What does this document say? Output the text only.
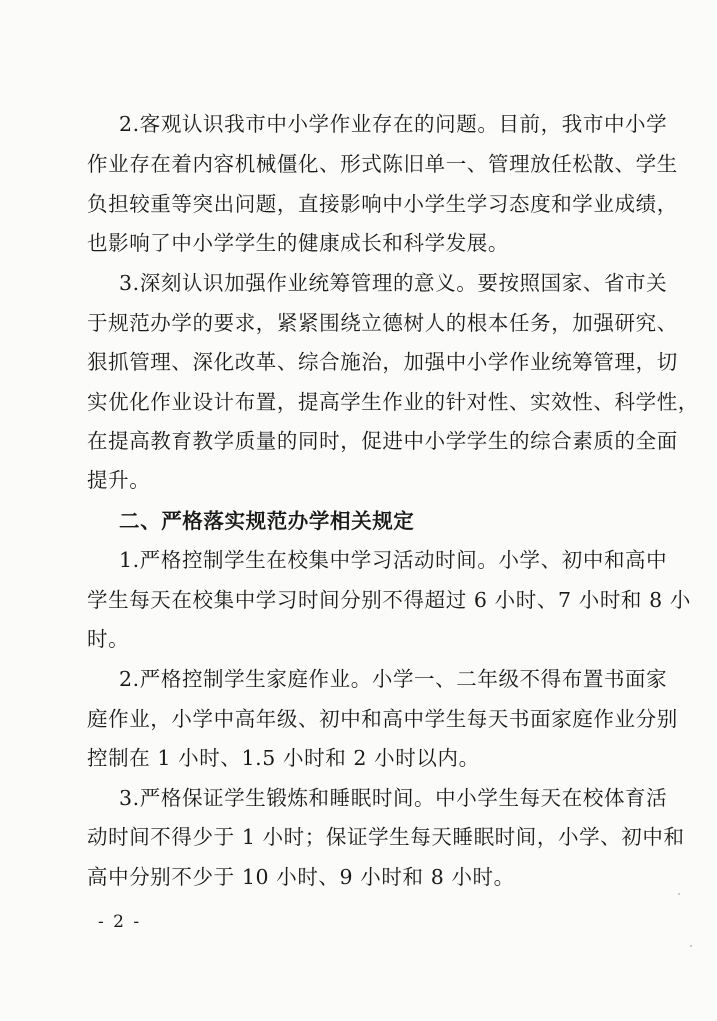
2.客观认识我市中小学作业存在的问题。目前，我市中小学

作业存在着内容机械僵化、形式陈旧单一、管理放任松散、学生

负担较重等突出问题，直接影响中小学生学习态度和学业成绩，

也影响了中小学学生的健康成长和科学发展。

3.深刻认识加强作业统筹管理的意义。要按照国家、省市关

于规范办学的要求，紧紧围绕立德树人的根本任务，加强研究、

狠抓管理、深化改革、综合施治，加强中小学作业统筹管理，切

实优化作业设计布置，提高学生作业的针对性、实效性、科学性，

在提高教育教学质量的同时，促进中小学学生的综合素质的全面

提升。

二、严格落实规范办学相关规定

1.严格控制学生在校集中学习活动时间。小学、初中和高中

学生每天在校集中学习时间分别不得超过 6 小时、7 小时和 8 小

时。

2.严格控制学生家庭作业。小学一、二年级不得布置书面家

庭作业，小学中高年级、初中和高中学生每天书面家庭作业分别

控制在 1 小时、1.5 小时和 2 小时以内。

3.严格保证学生锻炼和睡眠时间。中小学生每天在校体育活

动时间不得少于 1 小时；保证学生每天睡眠时间，小学、初中和

高中分别不少于 10 小时、9 小时和 8 小时。

- 2 -
